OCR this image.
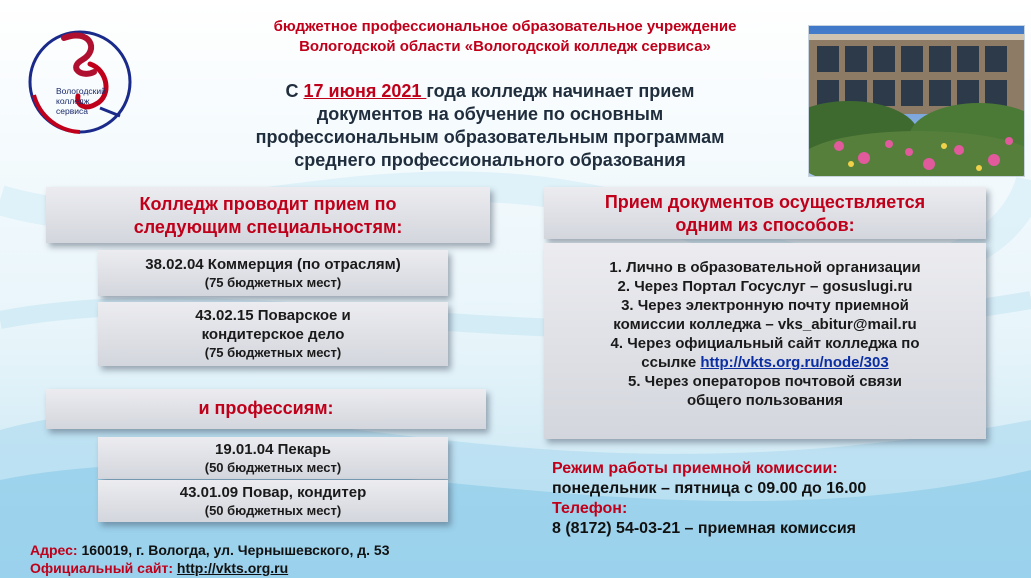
Вологодский колледж сервиса
бюджетное профессиональное образовательное учреждение
Вологодской области «Вологодской колледж сервиса»
С 17 июня 2021 года колледж начинает прием
документов на обучение по основным
профессиональным образовательным программам
среднего профессионального образования
Колледж проводит прием по
следующим специальностям:
38.02.04 Коммерция (по отраслям)
(75 бюджетных мест)
43.02.15 Поварское и
кондитерское дело
(75 бюджетных мест)
и профессиям:
19.01.04 Пекарь
(50 бюджетных мест)
43.01.09 Повар, кондитер
(50 бюджетных мест)
Прием документов осуществляется
одним из способов:
1. Лично в образовательной организации
2. Через Портал Госуслуг – gosuslugi.ru
3. Через электронную почту приемной
комиссии колледжа – vks_abitur@mail.ru
4. Через официальный сайт колледжа по
ссылке http://vkts.org.ru/node/303
5. Через операторов почтовой связи
общего пользования
Режим работы приемной комиссии:
понедельник – пятница с 09.00 до 16.00
Телефон:
8 (8172) 54-03-21 – приемная комиссия
Адрес: 160019, г. Вологда, ул. Чернышевского, д. 53
Официальный сайт: http://vkts.org.ru
